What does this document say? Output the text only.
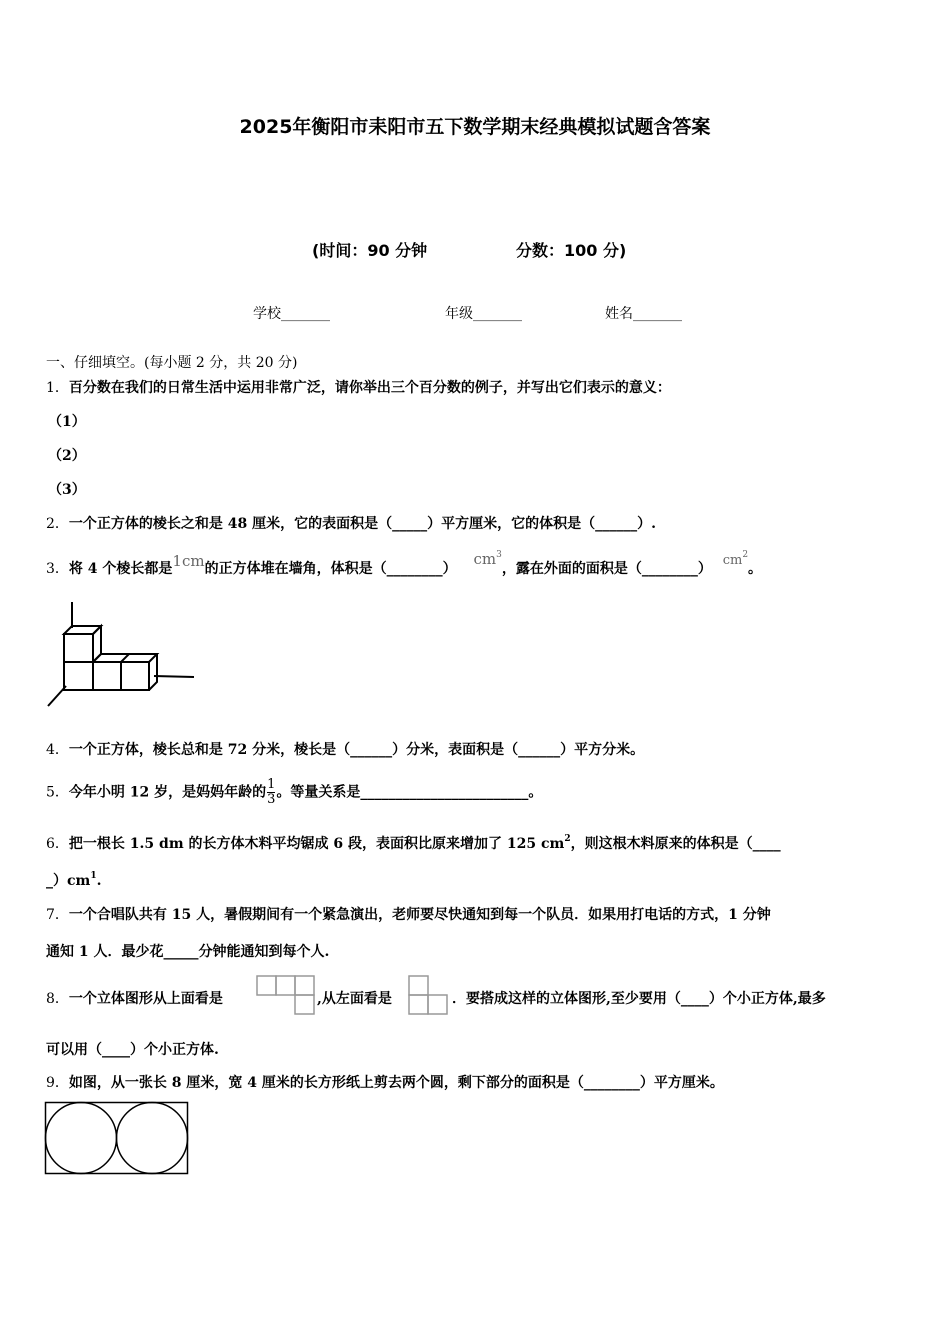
2025年衡阳市耒阳市五下数学期末经典模拟试题含答案
(时间：90 分钟	分数：100 分)
学校_______	年级_______	姓名_______
一、仔细填空。(每小题 2 分，共 20 分)
1．百分数在我们的日常生活中运用非常广泛，请你举出三个百分数的例子，并写出它们表示的意义：
（1）
（2）
（3）
2．一个正方体的棱长之和是 48 厘米，它的表面积是（_____）平方厘米，它的体积是（______）.
3．将 4 个棱长都是1cm的正方体堆在墙角，体积是（________） $cm^3$，露在外面的面积是（________） $cm^2$。
4．一个正方体，棱长总和是 72 分米，棱长是（______）分米，表面积是（______）平方分米。
5．今年小明 12 岁，是妈妈年龄的 $\frac{1}{3}$ 。等量关系是________________________。
6．把一根长 1.5 dm 的长方体木料平均锯成 6 段，表面积比原来增加了 125 $cm^2$，则这根木料原来的体积是（____
$\_)cm^1$.
7．一个合唱队共有 15 人，暑假期间有一个紧急演出，老师要尽快通知到每一个队员．如果用打电话的方式，1 分钟
通知 1 人．最少花_____分钟能通知到每个人.
8．一个立体图形从上面看是	,从左面看是	．要搭成这样的立体图形,至少要用（____）个小正方体,最多
可以用（____）个小正方体.
9．如图，从一张长 8 厘米，宽 4 厘米的长方形纸上剪去两个圆，剩下部分的面积是（________）平方厘米。
